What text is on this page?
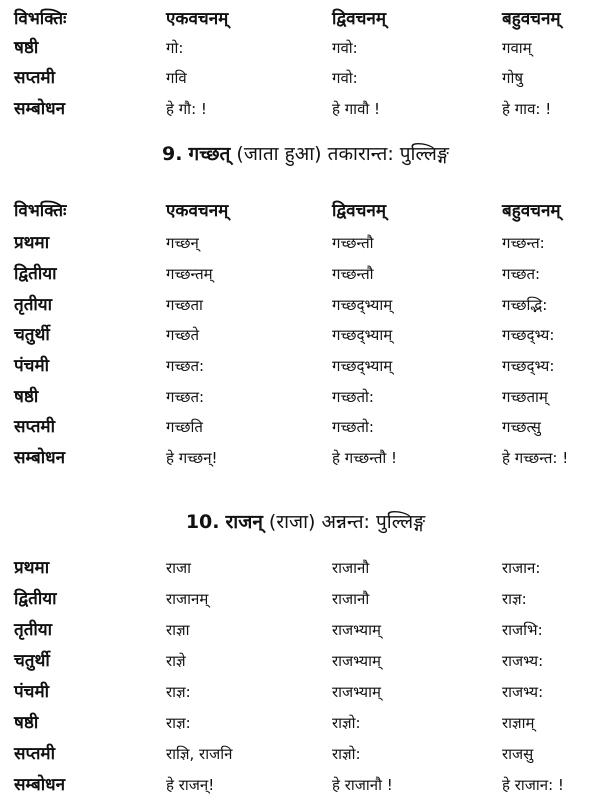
विभक्तिः	एकवचनम्	द्विवचनम्	बहुवचनम्
षष्ठी	गो:	गवो:	गवाम्
सप्तमी	गवि	गवो:	गोषु
सम्बोधन	हे गौ: !	हे गावौ !	हे गाव: !
9. गच्छत् (जाता हुआ) तकारान्त: पुल्लिङ्ग
विभक्तिः	एकवचनम्	द्विवचनम्	बहुवचनम्
प्रथमा	गच्छन्	गच्छन्तौ	गच्छन्त:
द्वितीया	गच्छन्तम्	गच्छन्तौ	गच्छत:
तृतीया	गच्छता	गच्छद्भ्याम्	गच्छद्भि:
चतुर्थी	गच्छते	गच्छद्भ्याम्	गच्छद्भ्य:
पंचमी	गच्छत:	गच्छद्भ्याम्	गच्छद्भ्य:
षष्ठी	गच्छत:	गच्छतो:	गच्छताम्
सप्तमी	गच्छति	गच्छतो:	गच्छत्सु
सम्बोधन	हे गच्छन्!	हे गच्छन्तौ !	हे गच्छन्त: !
10. राजन् (राजा) अन्नन्त: पुल्लिङ्ग
प्रथमा	राजा	राजानौ	राजान:
द्वितीया	राजानम्	राजानौ	राज्ञ:
तृतीया	राज्ञा	राजभ्याम्	राजभि:
चतुर्थी	राज्ञे	राजभ्याम्	राजभ्य:
पंचमी	राज्ञ:	राजभ्याम्	राजभ्य:
षष्ठी	राज्ञ:	राज्ञो:	राज्ञाम्
सप्तमी	राज्ञि, राजनि	राज्ञो:	राजसु
सम्बोधन	हे राजन्!	हे राजानौ !	हे राजान: !
